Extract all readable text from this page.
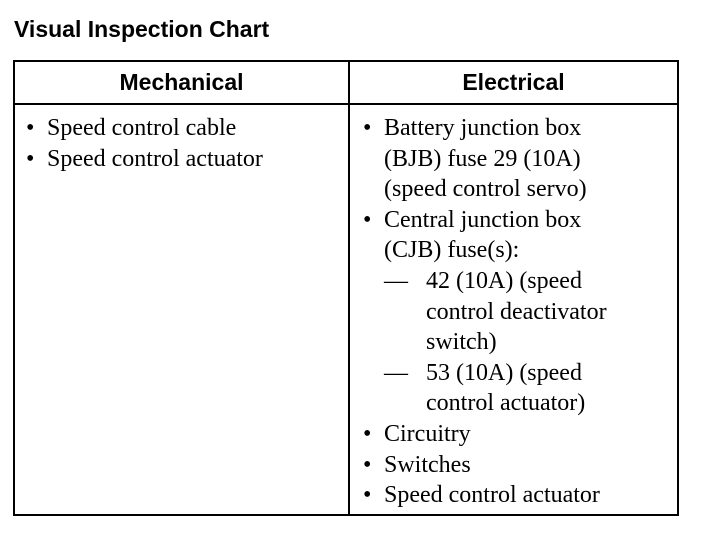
Visual Inspection Chart
Mechanical	Electrical
• Speed control cable
• Speed control actuator
• Battery junction box
(BJB) fuse 29 (10A)
(speed control servo)
• Central junction box
(CJB) fuse(s):
— 42 (10A) (speed
control deactivator
switch)
— 53 (10A) (speed
control actuator)
• Circuitry
• Switches
• Speed control actuator
